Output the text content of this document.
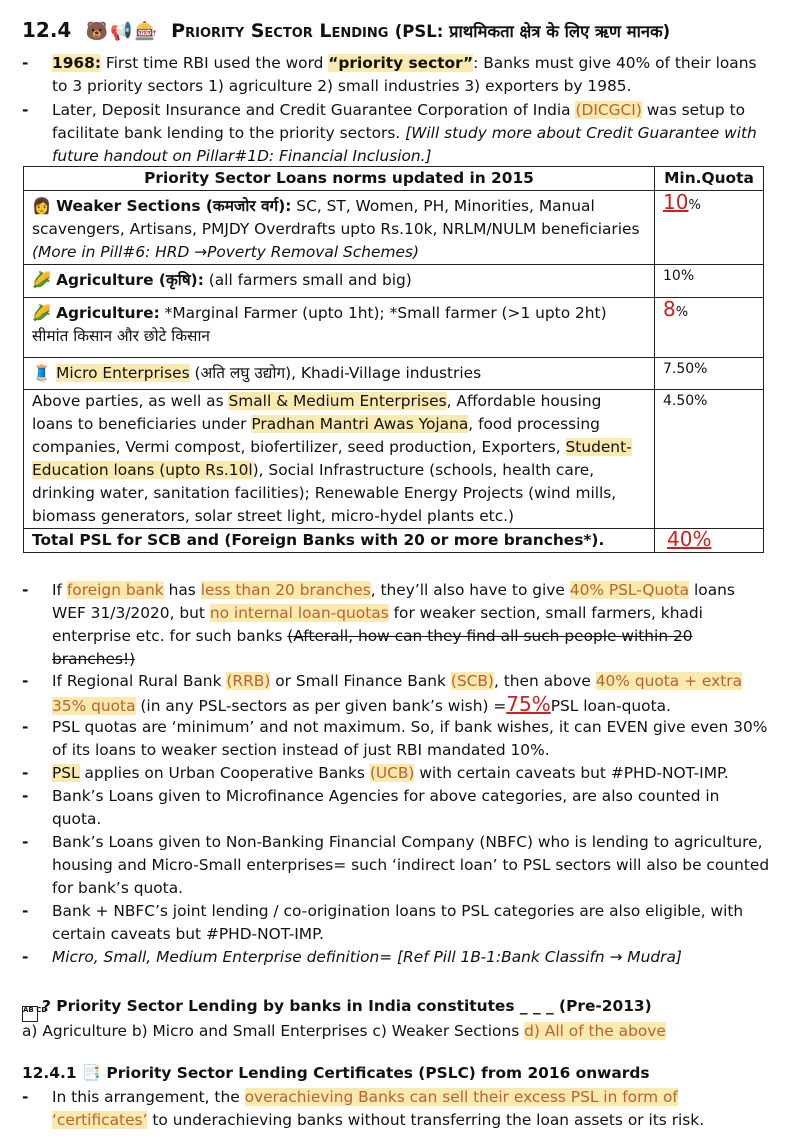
12.4 🐻📢🎰 Priority Sector Lending (PSL: प्राथमिकता क्षेत्र के लिए ऋण मानक)
- 1968: First time RBI used the word “priority sector”: Banks must give 40% of their loans to 3 priority sectors 1) agriculture 2) small industries 3) exporters by 1985.
- Later, Deposit Insurance and Credit Guarantee Corporation of India (DICGCI) was setup to facilitate bank lending to the priority sectors. [Will study more about Credit Guarantee with future handout on Pillar#1D: Financial Inclusion.]
Priority Sector Loans norms updated in 2015	Min.Quota
👩 Weaker Sections (कमजोर वर्ग): SC, ST, Women, PH, Minorities, Manual scavengers, Artisans, PMJDY Overdrafts upto Rs.10k, NRLM/NULM beneficiaries (More in Pill#6: HRD →Poverty Removal Schemes)	10%
🌽 Agriculture (कृषि): (all farmers small and big)	10%
🌽 Agriculture: *Marginal Farmer (upto 1ht); *Small farmer (>1 upto 2ht) सीमांत किसान और छोटे किसान	8%
🧵 Micro Enterprises (अति लघु उद्योग), Khadi-Village industries	7.50%
Above parties, as well as Small & Medium Enterprises, Affordable housing loans to beneficiaries under Pradhan Mantri Awas Yojana, food processing companies, Vermi compost, biofertilizer, seed production, Exporters, Student-Education loans (upto Rs.10l), Social Infrastructure (schools, health care, drinking water, sanitation facilities); Renewable Energy Projects (wind mills, biomass generators, solar street light, micro-hydel plants etc.)	4.50%
Total PSL for SCB and (Foreign Banks with 20 or more branches*).	40%
- If foreign bank has less than 20 branches, they’ll also have to give 40% PSL-Quota loans WEF 31/3/2020, but no internal loan-quotas for weaker section, small farmers, khadi enterprise etc. for such banks (Afterall, how can they find all such people within 20 branches!)
- If Regional Rural Bank (RRB) or Small Finance Bank (SCB), then above 40% quota + extra 35% quota (in any PSL-sectors as per given bank’s wish) =75%PSL loan-quota.
- PSL quotas are ‘minimum’ and not maximum. So, if bank wishes, it can EVEN give even 30% of its loans to weaker section instead of just RBI mandated 10%.
- PSL applies on Urban Cooperative Banks (UCB) with certain caveats but #PHD-NOT-IMP.
- Bank’s Loans given to Microfinance Agencies for above categories, are also counted in quota.
- Bank’s Loans given to Non-Banking Financial Company (NBFC) who is lending to agriculture, housing and Micro-Small enterprises= such ‘indirect loan’ to PSL sectors will also be counted for bank’s quota.
- Bank + NBFC’s joint lending / co-origination loans to PSL categories are also eligible, with certain caveats but #PHD-NOT-IMP.
- Micro, Small, Medium Enterprise definition= [Ref Pill 1B-1:Bank Classifn → Mudra]
AB CD? Priority Sector Lending by banks in India constitutes _ _ _ (Pre-2013)
a) Agriculture b) Micro and Small Enterprises c) Weaker Sections d) All of the above
12.4.1 📑 Priority Sector Lending Certificates (PSLC) from 2016 onwards
- In this arrangement, the overachieving Banks can sell their excess PSL in form of ‘certificates’ to underachieving banks without transferring the loan assets or its risk.
